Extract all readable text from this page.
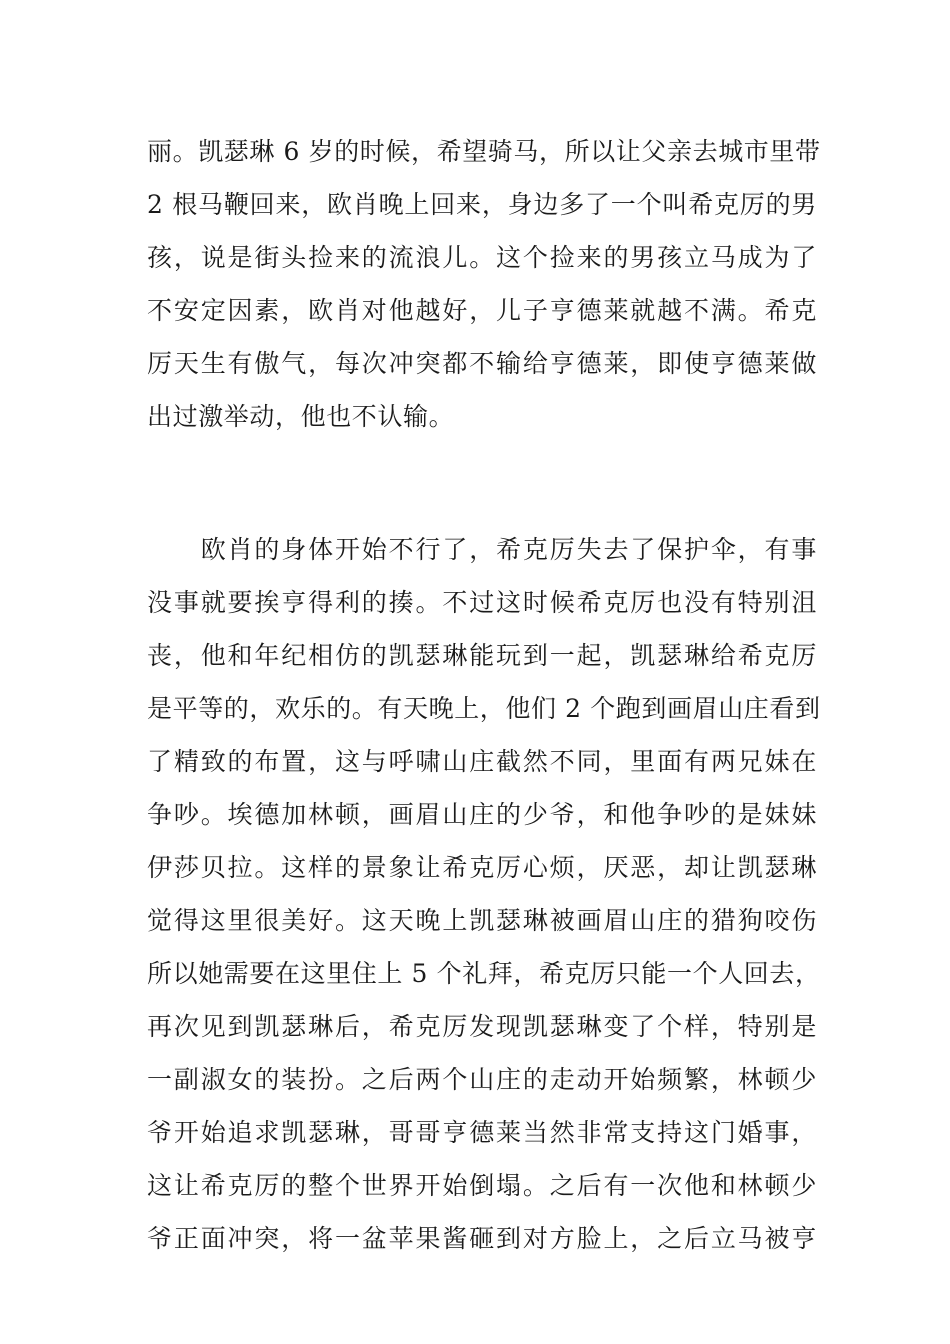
丽。凯瑟琳 6 岁的时候，希望骑马，所以让父亲去城市里带
2 根马鞭回来，欧肖晚上回来，身边多了一个叫希克厉的男
孩，说是街头捡来的流浪儿。这个捡来的男孩立马成为了
不安定因素，欧肖对他越好，儿子亨德莱就越不满。希克
厉天生有傲气，每次冲突都不输给亨德莱，即使亨德莱做
出过激举动，他也不认输。
　　欧肖的身体开始不行了，希克厉失去了保护伞，有事
没事就要挨亨得利的揍。不过这时候希克厉也没有特别沮
丧，他和年纪相仿的凯瑟琳能玩到一起，凯瑟琳给希克厉
是平等的，欢乐的。有天晚上，他们 2 个跑到画眉山庄看到
了精致的布置，这与呼啸山庄截然不同，里面有两兄妹在
争吵。埃德加林顿，画眉山庄的少爷，和他争吵的是妹妹
伊莎贝拉。这样的景象让希克厉心烦，厌恶，却让凯瑟琳
觉得这里很美好。这天晚上凯瑟琳被画眉山庄的猎狗咬伤
所以她需要在这里住上 5 个礼拜，希克厉只能一个人回去，
再次见到凯瑟琳后，希克厉发现凯瑟琳变了个样，特别是
一副淑女的装扮。之后两个山庄的走动开始频繁，林顿少
爷开始追求凯瑟琳，哥哥亨德莱当然非常支持这门婚事，
这让希克厉的整个世界开始倒塌。之后有一次他和林顿少
爷正面冲突，将一盆苹果酱砸到对方脸上，之后立马被亨
